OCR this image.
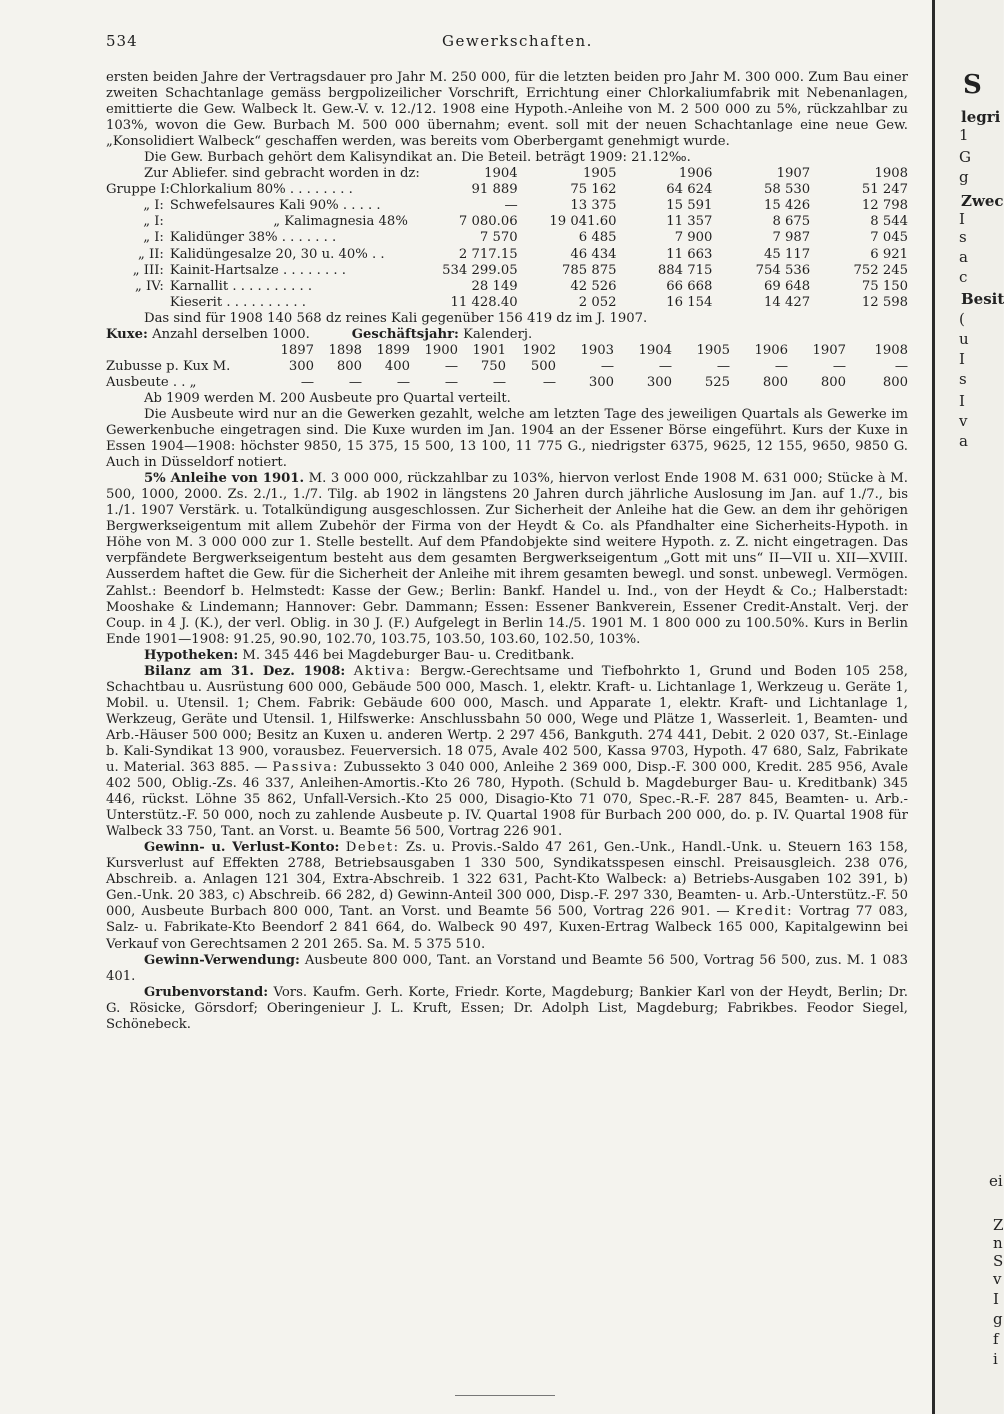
534	Gewerkschaften.

ersten beiden Jahre der Vertragsdauer pro Jahr M. 250 000, für die letzten beiden pro Jahr M. 300 000. Zum Bau einer zweiten Schachtanlage gemäss bergpolizeilicher Vorschrift, Errichtung einer Chlorkaliumfabrik mit Nebenanlagen, emittierte die Gew. Walbeck lt. Gew.-V. v. 12./12. 1908 eine Hypoth.-Anleihe von M. 2 500 000 zu 5%, rückzahlbar zu 103%, wovon die Gew. Burbach M. 500 000 übernahm; event. soll mit der neuen Schachtanlage eine neue Gew. „Konsolidiert Walbeck“ geschaffen werden, was bereits vom Oberbergamt genehmigt wurde.

Die Gew. Burbach gehört dem Kalisyndikat an. Die Beteil. beträgt 1909: 21.12‰.

Zur Abliefer. sind gebracht worden in dz:		1904	1905	1906	1907	1908
Gruppe I:	Chlorkalium 80% . . . . . . . .	91 889	75 162	64 624	58 530	51 247
„ I:	Schwefelsaures Kali 90% . . . . .	—	13 375	15 591	15 426	12 798
„ I:	„ Kalimagnesia 48%	7 080.06	19 041.60	11 357	8 675	8 544
„ I:	Kalidünger 38% . . . . . . .	7 570	6 485	7 900	7 987	7 045
„ II:	Kalidüngesalze 20, 30 u. 40% . .	2 717.15	46 434	11 663	45 117	6 921
„ III:	Kainit-Hartsalze . . . . . . . .	534 299.05	785 875	884 715	754 536	752 245
„ IV:	Karnallit . . . . . . . . . .	28 149	42 526	66 668	69 648	75 150
	Kieserit . . . . . . . . . .	11 428.40	2 052	16 154	14 427	12 598

Das sind für 1908 140 568 dz reines Kali gegenüber 156 419 dz im J. 1907.

Kuxe: Anzahl derselben 1000.	Geschäftsjahr: Kalenderj.

	1897	1898	1899	1900	1901	1902	1903	1904	1905	1906	1907	1908
Zubusse p. Kux M.	300	800	400	—	750	500	—	—	—	—	—	—
Ausbeute . . „	—	—	—	—	—	—	300	300	525	800	800	800

Ab 1909 werden M. 200 Ausbeute pro Quartal verteilt.

Die Ausbeute wird nur an die Gewerken gezahlt, welche am letzten Tage des jeweiligen Quartals als Gewerke im Gewerkenbuche eingetragen sind. Die Kuxe wurden im Jan. 1904 an der Essener Börse eingeführt. Kurs der Kuxe in Essen 1904—1908: höchster 9850, 15 375, 15 500, 13 100, 11 775 G., niedrigster 6375, 9625, 12 155, 9650, 9850 G. Auch in Düsseldorf notiert.

5% Anleihe von 1901. M. 3 000 000, rückzahlbar zu 103%, hiervon verlost Ende 1908 M. 631 000; Stücke à M. 500, 1000, 2000. Zs. 2./1., 1./7. Tilg. ab 1902 in längstens 20 Jahren durch jährliche Auslosung im Jan. auf 1./7., bis 1./1. 1907 Verstärk. u. Totalkündigung ausgeschlossen. Zur Sicherheit der Anleihe hat die Gew. an dem ihr gehörigen Bergwerkseigentum mit allem Zubehör der Firma von der Heydt & Co. als Pfandhalter eine Sicherheits-Hypoth. in Höhe von M. 3 000 000 zur 1. Stelle bestellt. Auf dem Pfandobjekte sind weitere Hypoth. z. Z. nicht eingetragen. Das verpfändete Bergwerkseigentum besteht aus dem gesamten Bergwerkseigentum „Gott mit uns“ II—VII u. XII—XVIII. Ausserdem haftet die Gew. für die Sicherheit der Anleihe mit ihrem gesamten bewegl. und sonst. unbewegl. Vermögen. Zahlst.: Beendorf b. Helmstedt: Kasse der Gew.; Berlin: Bankf. Handel u. Ind., von der Heydt & Co.; Halberstadt: Mooshake & Lindemann; Hannover: Gebr. Dammann; Essen: Essener Bankverein, Essener Credit-Anstalt. Verj. der Coup. in 4 J. (K.), der verl. Oblig. in 30 J. (F.) Aufgelegt in Berlin 14./5. 1901 M. 1 800 000 zu 100.50%. Kurs in Berlin Ende 1901—1908: 91.25, 90.90, 102.70, 103.75, 103.50, 103.60, 102.50, 103%.

Hypotheken: M. 345 446 bei Magdeburger Bau- u. Creditbank.

Bilanz am 31. Dez. 1908: Aktiva: Bergw.-Gerechtsame und Tiefbohrkto 1, Grund und Boden 105 258, Schachtbau u. Ausrüstung 600 000, Gebäude 500 000, Masch. 1, elektr. Kraft- u. Lichtanlage 1, Werkzeug u. Geräte 1, Mobil. u. Utensil. 1; Chem. Fabrik: Gebäude 600 000, Masch. und Apparate 1, elektr. Kraft- und Lichtanlage 1, Werkzeug, Geräte und Utensil. 1, Hilfswerke: Anschlussbahn 50 000, Wege und Plätze 1, Wasserleit. 1, Beamten- und Arb.-Häuser 500 000; Besitz an Kuxen u. anderen Wertp. 2 297 456, Bankguth. 274 441, Debit. 2 020 037, St.-Einlage b. Kali-Syndikat 13 900, vorausbez. Feuerversich. 18 075, Avale 402 500, Kassa 9703, Hypoth. 47 680, Salz, Fabrikate u. Material. 363 885. — Passiva: Zubussekto 3 040 000, Anleihe 2 369 000, Disp.-F. 300 000, Kredit. 285 956, Avale 402 500, Oblig.-Zs. 46 337, Anleihen-Amortis.-Kto 26 780, Hypoth. (Schuld b. Magdeburger Bau- u. Kreditbank) 345 446, rückst. Löhne 35 862, Unfall-Versich.-Kto 25 000, Disagio-Kto 71 070, Spec.-R.-F. 287 845, Beamten- u. Arb.-Unterstütz.-F. 50 000, noch zu zahlende Ausbeute p. IV. Quartal 1908 für Burbach 200 000, do. p. IV. Quartal 1908 für Walbeck 33 750, Tant. an Vorst. u. Beamte 56 500, Vortrag 226 901.

Gewinn- u. Verlust-Konto: Debet: Zs. u. Provis.-Saldo 47 261, Gen.-Unk., Handl.-Unk. u. Steuern 163 158, Kursverlust auf Effekten 2788, Betriebsausgaben 1 330 500, Syndikatsspesen einschl. Preisausgleich. 238 076, Abschreib. a. Anlagen 121 304, Extra-Abschreib. 1 322 631, Pacht-Kto Walbeck: a) Betriebs-Ausgaben 102 391, b) Gen.-Unk. 20 383, c) Abschreib. 66 282, d) Gewinn-Anteil 300 000, Disp.-F. 297 330, Beamten- u. Arb.-Unterstütz.-F. 50 000, Ausbeute Burbach 800 000, Tant. an Vorst. und Beamte 56 500, Vortrag 226 901. — Kredit: Vortrag 77 083, Salz- u. Fabrikate-Kto Beendorf 2 841 664, do. Walbeck 90 497, Kuxen-Ertrag Walbeck 165 000, Kapitalgewinn bei Verkauf von Gerechtsamen 2 201 265. Sa. M. 5 375 510.

Gewinn-Verwendung: Ausbeute 800 000, Tant. an Vorstand und Beamte 56 500, Vortrag 56 500, zus. M. 1 083 401.

Grubenvorstand: Vors. Kaufm. Gerh. Korte, Friedr. Korte, Magdeburg; Bankier Karl von der Heydt, Berlin; Dr. G. Rösicke, Görsdorf; Oberingenieur J. L. Kruft, Essen; Dr. Adolph List, Magdeburg; Fabrikbes. Feodor Siegel, Schönebeck.

S
legri
1
G
g
Zwec
I
s
a
c
Besit
(
u
I
s
I
v
a
ei
Z
n
S
v
I
g
f
i
